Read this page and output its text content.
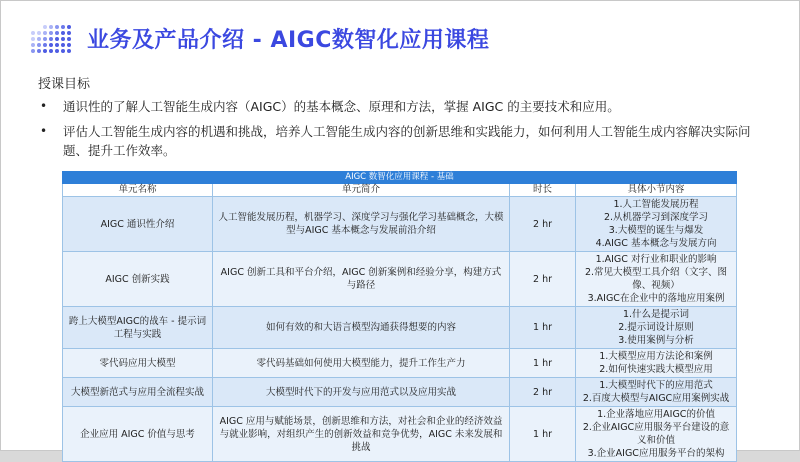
业务及产品介绍 - AIGC数智化应用课程
授课目标
• 通识性的了解人工智能生成内容（AIGC）的基本概念、原理和方法，掌握 AIGC 的主要技术和应用。
• 评估人工智能生成内容的机遇和挑战，培养人工智能生成内容的创新思维和实践能力，如何利用人工智能生成内容解决实际问题、提升工作效率。
AIGC 数智化应用课程 - 基础			
单元名称	单元简介	时长	具体小节内容
AIGC 通识性介绍	人工智能发展历程，机器学习、深度学习与强化学习基础概念，大模型与AIGC 基本概念与发展前沿介绍	2 hr	1.人工智能发展历程
2.从机器学习到深度学习
3.大模型的诞生与爆发
4.AIGC 基本概念与发展方向

AIGC 创新实践	AIGC 创新工具和平台介绍，AIGC 创新案例和经验分享，构建方式与路径	2 hr	1.AIGC 对行业和职业的影响
2.常见大模型工具介绍（文字、图像、视频）
3.AIGC在企业中的落地应用案例

跨上大模型AIGC的战车 - 提示词工程与实践	如何有效的和大语言模型沟通获得想要的内容	1 hr	1.什么是提示词
2.提示词设计原则
3.使用案例与分析

零代码应用大模型	零代码基础如何使用大模型能力，提升工作生产力	1 hr	1.大模型应用方法论和案例
2.如何快速实践大模型应用

大模型新范式与应用全流程实战	大模型时代下的开发与应用范式以及应用实战	2 hr	1.大模型时代下的应用范式
2.百度大模型与AIGC应用案例实战

企业应用 AIGC 价值与思考	AIGC 应用与赋能场景，创新思维和方法，对社会和企业的经济效益与就业影响，对组织产生的创新效益和竞争优势，AIGC 未来发展和挑战	1 hr	1.企业落地应用AIGC的价值
2.企业AIGC应用服务平台建设的意义和价值
3.企业AIGC应用服务平台的架构
